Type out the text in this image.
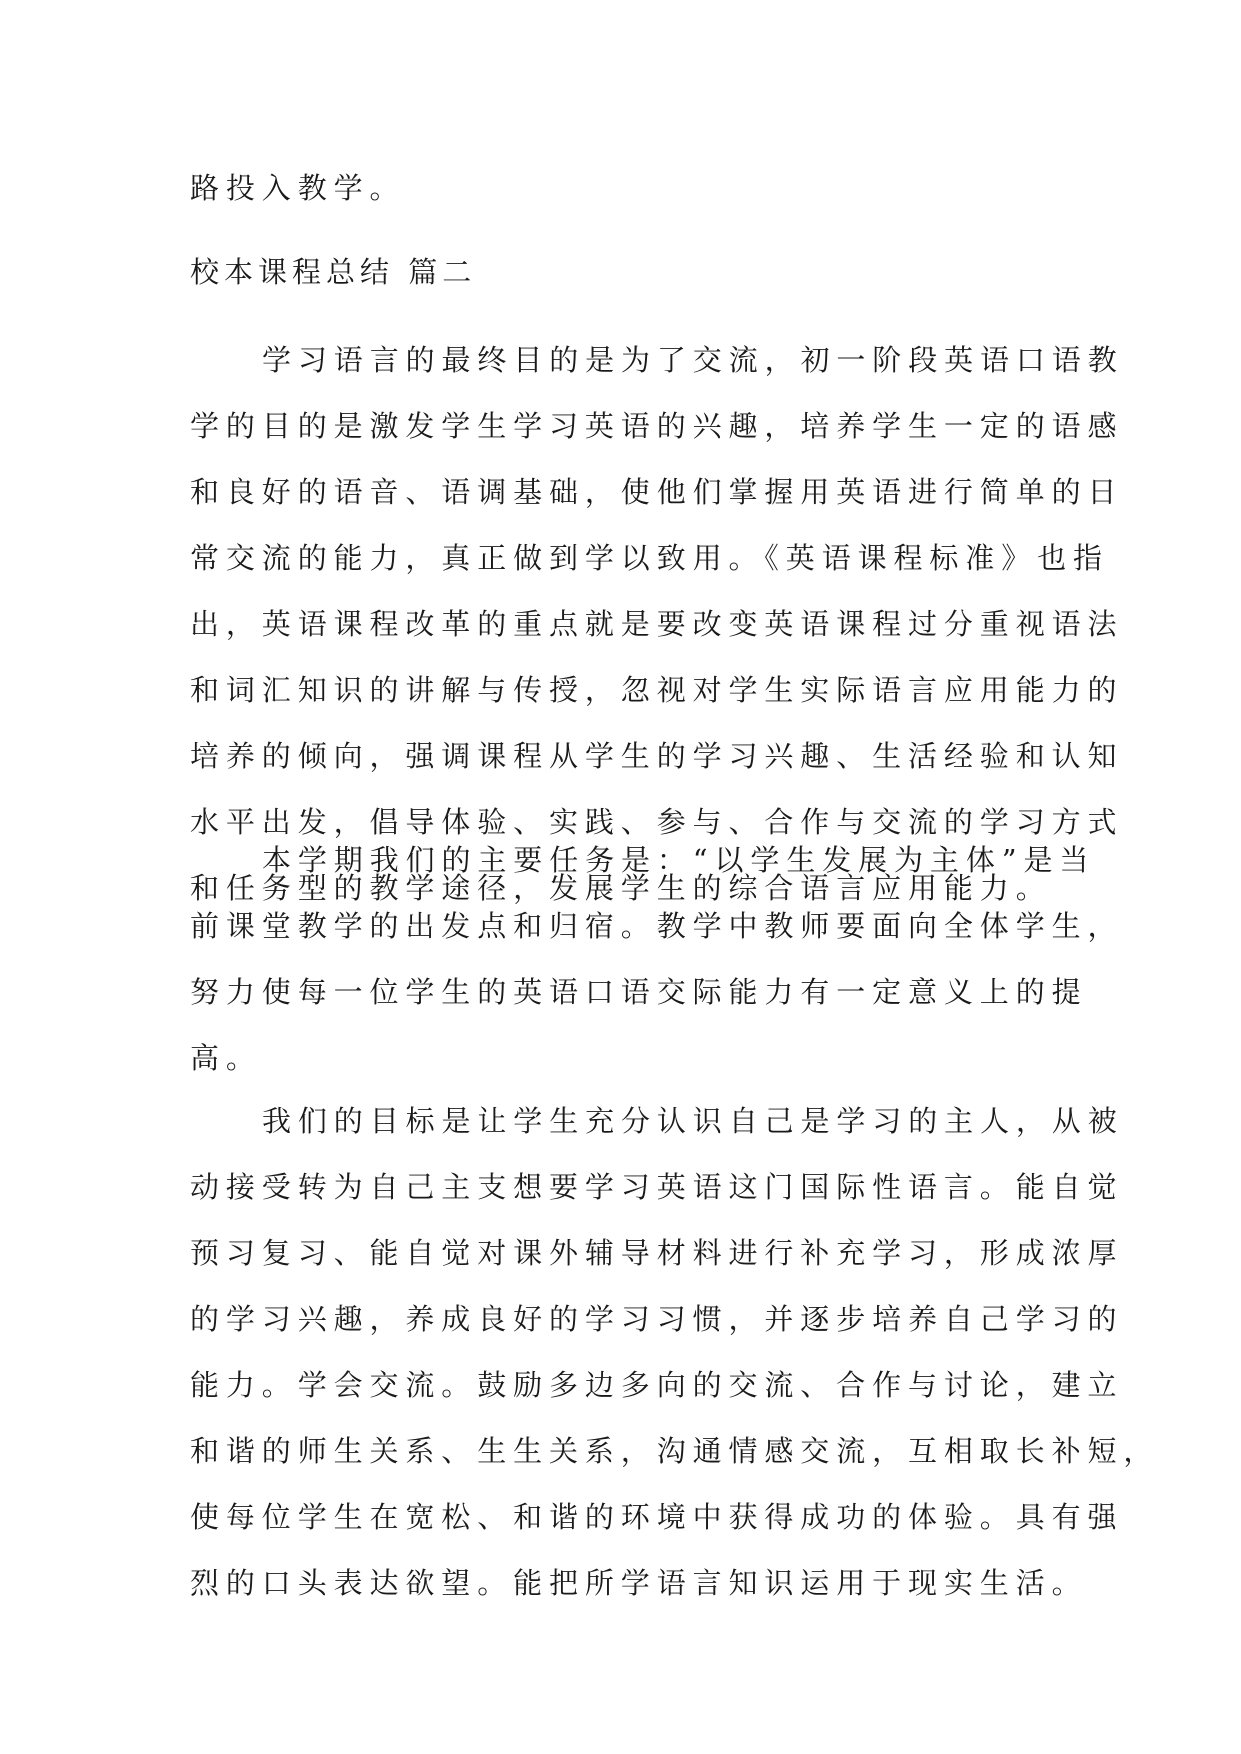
路投入教学。
校本课程总结 篇二
学习语言的最终目的是为了交流，初一阶段英语口语教
学的目的是激发学生学习英语的兴趣，培养学生一定的语感
和良好的语音、语调基础，使他们掌握用英语进行简单的日
常交流的能力，真正做到学以致用。《英语课程标准》也指
出，英语课程改革的重点就是要改变英语课程过分重视语法
和词汇知识的讲解与传授，忽视对学生实际语言应用能力的
培养的倾向，强调课程从学生的学习兴趣、生活经验和认知
水平出发，倡导体验、实践、参与、合作与交流的学习方式
和任务型的教学途径，发展学生的综合语言应用能力。
本学期我们的主要任务是：“以学生发展为主体”是当
前课堂教学的出发点和归宿。教学中教师要面向全体学生，
努力使每一位学生的英语口语交际能力有一定意义上的提
高。
我们的目标是让学生充分认识自己是学习的主人，从被
动接受转为自己主支想要学习英语这门国际性语言。能自觉
预习复习、能自觉对课外辅导材料进行补充学习，形成浓厚
的学习兴趣，养成良好的学习习惯，并逐步培养自己学习的
能力。学会交流。鼓励多边多向的交流、合作与讨论，建立
和谐的师生关系、生生关系，沟通情感交流，互相取长补短，
使每位学生在宽松、和谐的环境中获得成功的体验。具有强
烈的口头表达欲望。能把所学语言知识运用于现实生活。
